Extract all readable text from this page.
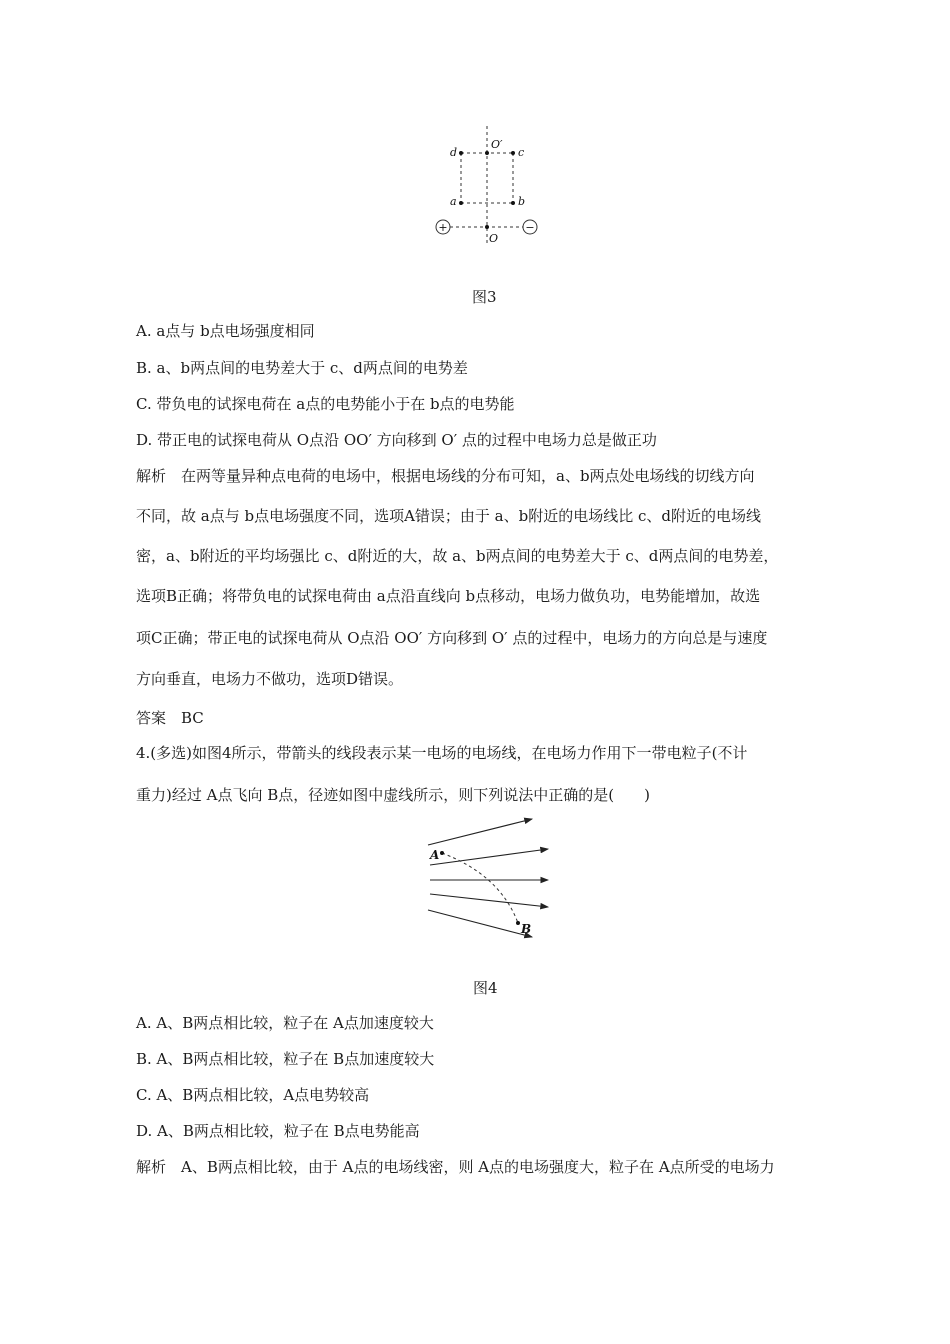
d
O′
c
a	b
O
+	−
图3
A. a点与 b点电场强度相同
B. a、b两点间的电势差大于 c、d两点间的电势差
C. 带负电的试探电荷在 a点的电势能小于在 b点的电势能
D. 带正电的试探电荷从 O点沿 OO′ 方向移到 O′ 点的过程中电场力总是做正功
解析　在两等量异种点电荷的电场中，根据电场线的分布可知，a、b两点处电场线的切线方向
不同，故 a点与 b点电场强度不同，选项A错误；由于 a、b附近的电场线比 c、d附近的电场线
密，a、b附近的平均场强比 c、d附近的大，故 a、b两点间的电势差大于 c、d两点间的电势差，
选项B正确；将带负电的试探电荷由 a点沿直线向 b点移动，电场力做负功，电势能增加，故选
项C正确；带正电的试探电荷从 O点沿 OO′ 方向移到 O′ 点的过程中，电场力的方向总是与速度
方向垂直，电场力不做功，选项D错误。
答案　BC
4.(多选)如图4所示，带箭头的线段表示某一电场的电场线，在电场力作用下一带电粒子(不计
重力)经过 A点飞向 B点，径迹如图中虚线所示，则下列说法中正确的是(　　)
A
B
图4
A. A、B两点相比较，粒子在 A点加速度较大
B. A、B两点相比较，粒子在 B点加速度较大
C. A、B两点相比较，A点电势较高
D. A、B两点相比较，粒子在 B点电势能高
解析　A、B两点相比较，由于 A点的电场线密，则 A点的电场强度大，粒子在 A点所受的电场力
